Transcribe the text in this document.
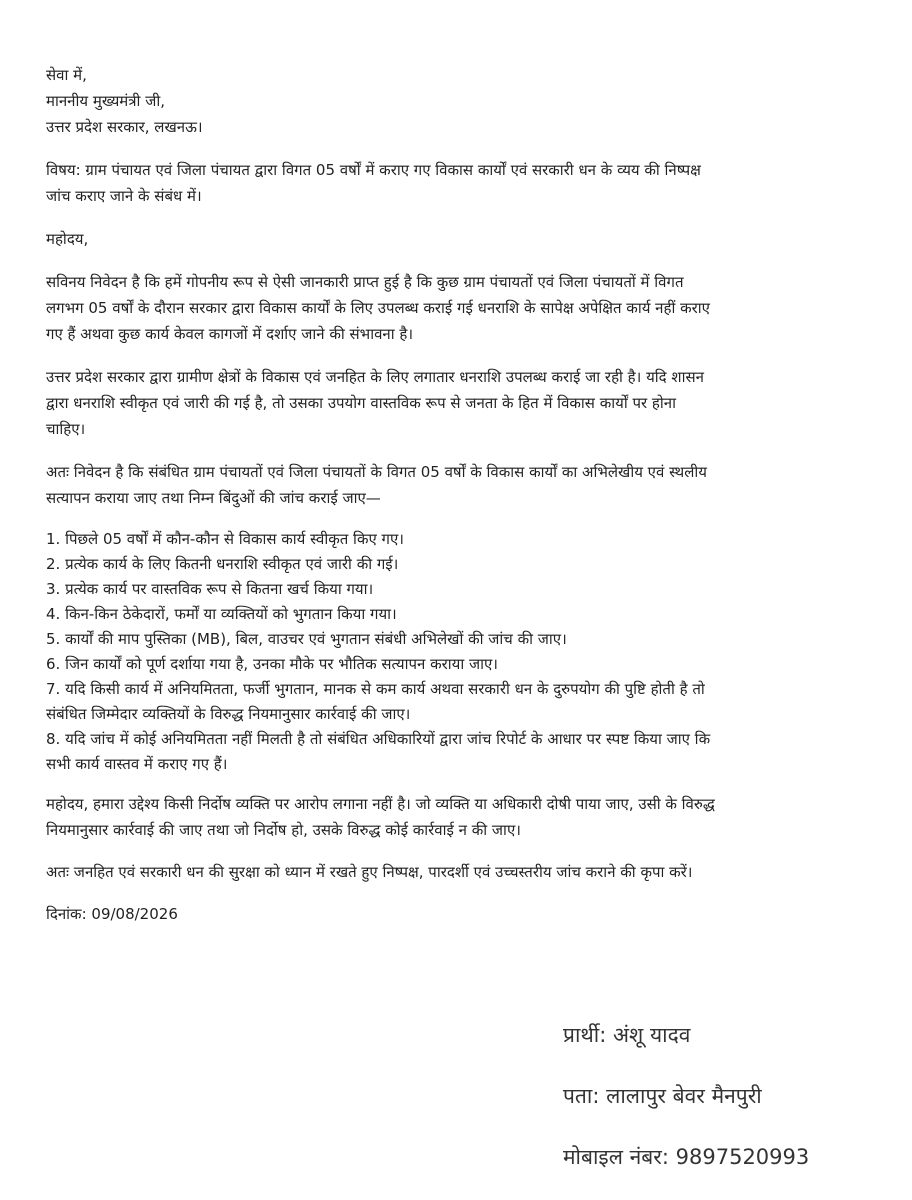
सेवा में,
माननीय मुख्यमंत्री जी,
उत्तर प्रदेश सरकार, लखनऊ।

विषय: ग्राम पंचायत एवं जिला पंचायत द्वारा विगत 05 वर्षों में कराए गए विकास कार्यों एवं सरकारी धन के व्यय की निष्पक्ष
जांच कराए जाने के संबंध में।

महोदय,

सविनय निवेदन है कि हमें गोपनीय रूप से ऐसी जानकारी प्राप्त हुई है कि कुछ ग्राम पंचायतों एवं जिला पंचायतों में विगत
लगभग 05 वर्षों के दौरान सरकार द्वारा विकास कार्यों के लिए उपलब्ध कराई गई धनराशि के सापेक्ष अपेक्षित कार्य नहीं कराए
गए हैं अथवा कुछ कार्य केवल कागजों में दर्शाए जाने की संभावना है।

उत्तर प्रदेश सरकार द्वारा ग्रामीण क्षेत्रों के विकास एवं जनहित के लिए लगातार धनराशि उपलब्ध कराई जा रही है। यदि शासन
द्वारा धनराशि स्वीकृत एवं जारी की गई है, तो उसका उपयोग वास्तविक रूप से जनता के हित में विकास कार्यों पर होना
चाहिए।

अतः निवेदन है कि संबंधित ग्राम पंचायतों एवं जिला पंचायतों के विगत 05 वर्षों के विकास कार्यों का अभिलेखीय एवं स्थलीय
सत्यापन कराया जाए तथा निम्न बिंदुओं की जांच कराई जाए—

1. पिछले 05 वर्षों में कौन-कौन से विकास कार्य स्वीकृत किए गए।
2. प्रत्येक कार्य के लिए कितनी धनराशि स्वीकृत एवं जारी की गई।
3. प्रत्येक कार्य पर वास्तविक रूप से कितना खर्च किया गया।
4. किन-किन ठेकेदारों, फर्मों या व्यक्तियों को भुगतान किया गया।
5. कार्यों की माप पुस्तिका (MB), बिल, वाउचर एवं भुगतान संबंधी अभिलेखों की जांच की जाए।
6. जिन कार्यों को पूर्ण दर्शाया गया है, उनका मौके पर भौतिक सत्यापन कराया जाए।
7. यदि किसी कार्य में अनियमितता, फर्जी भुगतान, मानक से कम कार्य अथवा सरकारी धन के दुरुपयोग की पुष्टि होती है तो
संबंधित जिम्मेदार व्यक्तियों के विरुद्ध नियमानुसार कार्रवाई की जाए।
8. यदि जांच में कोई अनियमितता नहीं मिलती है तो संबंधित अधिकारियों द्वारा जांच रिपोर्ट के आधार पर स्पष्ट किया जाए कि
सभी कार्य वास्तव में कराए गए हैं।

महोदय, हमारा उद्देश्य किसी निर्दोष व्यक्ति पर आरोप लगाना नहीं है। जो व्यक्ति या अधिकारी दोषी पाया जाए, उसी के विरुद्ध
नियमानुसार कार्रवाई की जाए तथा जो निर्दोष हो, उसके विरुद्ध कोई कार्रवाई न की जाए।

अतः जनहित एवं सरकारी धन की सुरक्षा को ध्यान में रखते हुए निष्पक्ष, पारदर्शी एवं उच्चस्तरीय जांच कराने की कृपा करें।
दिनांक: 09/08/2026
प्रार्थी: अंशू यादव
पता: लालापुर बेवर मैनपुरी
मोबाइल नंबर: 9897520993
